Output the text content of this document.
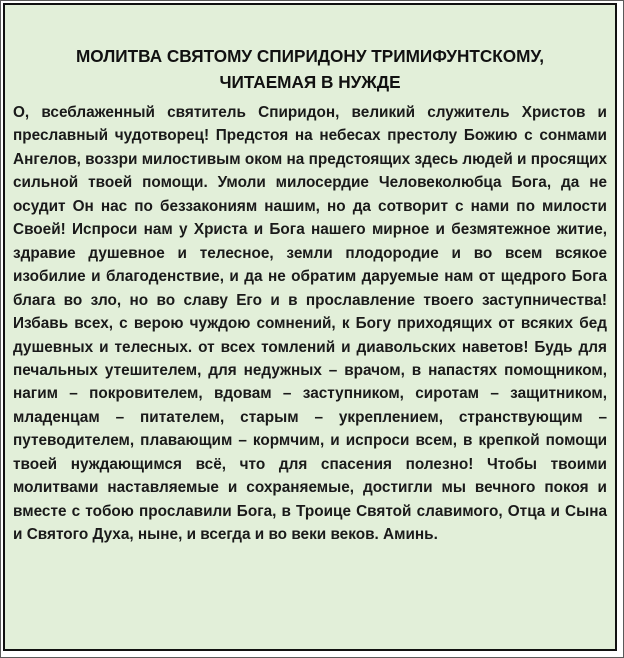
МОЛИТВА СВЯТОМУ СПИРИДОНУ ТРИМИФУНТСКОМУ,
ЧИТАЕМАЯ В НУЖДЕ

О, всеблаженный святитель Спиридон, великий служитель Христов и преславный чудотворец! Предстоя на небесах престолу Божию с сонмами Ангелов, воззри милостивым оком на предстоящих здесь людей и просящих сильной твоей помощи. Умоли милосердие Человеколюбца Бога, да не осудит Он нас по беззакониям нашим, но да сотворит с нами по милости Своей! Испроси нам у Христа и Бога нашего мирное и безмятежное житие, здравие душевное и телесное, земли плодородие и во всем всякое изобилие и благоденствие, и да не обратим даруемые нам от щедрого Бога блага во зло, но во славу Его и в прославление твоего заступничества! Избавь всех, с верою чуждою сомнений, к Богу приходящих от всяких бед душевных и телесных. от всех томлений и диавольских наветов! Будь для печальных утешителем, для недужных – врачом, в напастях помощником, нагим – покровителем, вдовам – заступником, сиротам – защитником, младенцам – питателем, старым – укреплением, странствующим – путеводителем, плавающим – кормчим, и испроси всем, в крепкой помощи твоей нуждающимся всё, что для спасения полезно! Чтобы твоими молитвами наставляемые и сохраняемые, достигли мы вечного покоя и вместе с тобою прославили Бога, в Троице Святой славимого, Отца и Сына и Святого Духа, ныне, и всегда и во веки веков. Аминь.
